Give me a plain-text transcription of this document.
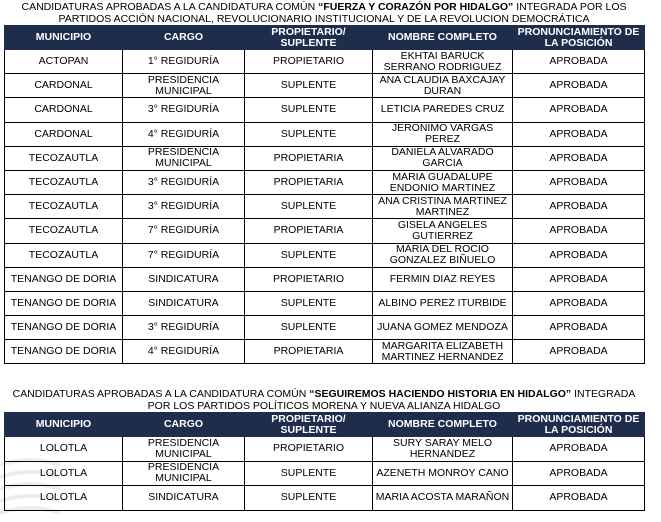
CANDIDATURAS APROBADAS A LA CANDIDATURA COMÚN “FUERZA Y CORAZÓN POR HIDALGO” INTEGRADA POR LOS PARTIDOS ACCIÓN NACIONAL, REVOLUCIONARIO INSTITUCIONAL Y DE LA REVOLUCION DEMOCRÁTICA
MUNICIPIO	CARGO	PROPIETARIO/ SUPLENTE	NOMBRE COMPLETO	PRONUNCIAMIENTO DE LA POSICIÓN
ACTOPAN	1° REGIDURÍA	PROPIETARIO	EKHTAI BARUCK SERRANO RODRIGUEZ	APROBADA
CARDONAL	PRESIDENCIA MUNICIPAL	SUPLENTE	ANA CLAUDIA BAXCAJAY DURAN	APROBADA
CARDONAL	3° REGIDURÍA	SUPLENTE	LETICIA PAREDES CRUZ	APROBADA
CARDONAL	4° REGIDURÍA	SUPLENTE	JERONIMO VARGAS PEREZ	APROBADA
TECOZAUTLA	PRESIDENCIA MUNICIPAL	PROPIETARIA	DANIELA ALVARADO GARCIA	APROBADA
TECOZAUTLA	3° REGIDURÍA	PROPIETARIA	MARIA GUADALUPE ENDONIO MARTINEZ	APROBADA
TECOZAUTLA	3° REGIDURÍA	SUPLENTE	ANA CRISTINA MARTINEZ MARTINEZ	APROBADA
TECOZAUTLA	7° REGIDURÍA	PROPIETARIA	GISELA ANGELES GUTIERREZ	APROBADA
TECOZAUTLA	7° REGIDURÍA	SUPLENTE	MARIA DEL ROCIO GONZALEZ BIÑUELO	APROBADA
TENANGO DE DORIA	SINDICATURA	PROPIETARIO	FERMIN DIAZ REYES	APROBADA
TENANGO DE DORIA	SINDICATURA	SUPLENTE	ALBINO PEREZ ITURBIDE	APROBADA
TENANGO DE DORIA	3° REGIDURÍA	SUPLENTE	JUANA GOMEZ MENDOZA	APROBADA
TENANGO DE DORIA	4° REGIDURÍA	PROPIETARIA	MARGARITA ELIZABETH MARTINEZ HERNANDEZ	APROBADA
CANDIDATURAS APROBADAS A LA CANDIDATURA COMÚN “SEGUIREMOS HACIENDO HISTORIA EN HIDALGO” INTEGRADA POR LOS PARTIDOS POLÍTICOS MORENA Y NUEVA ALIANZA HIDALGO
MUNICIPIO	CARGO	PROPIETARIO/ SUPLENTE	NOMBRE COMPLETO	PRONUNCIAMIENTO DE LA POSICIÓN
LOLOTLA	PRESIDENCIA MUNICIPAL	PROPIETARIO	SURY SARAY MELO HERNANDEZ	APROBADA
LOLOTLA	PRESIDENCIA MUNICIPAL	SUPLENTE	AZENETH MONROY CANO	APROBADA
LOLOTLA	SINDICATURA	SUPLENTE	MARIA ACOSTA MARAÑON	APROBADA
